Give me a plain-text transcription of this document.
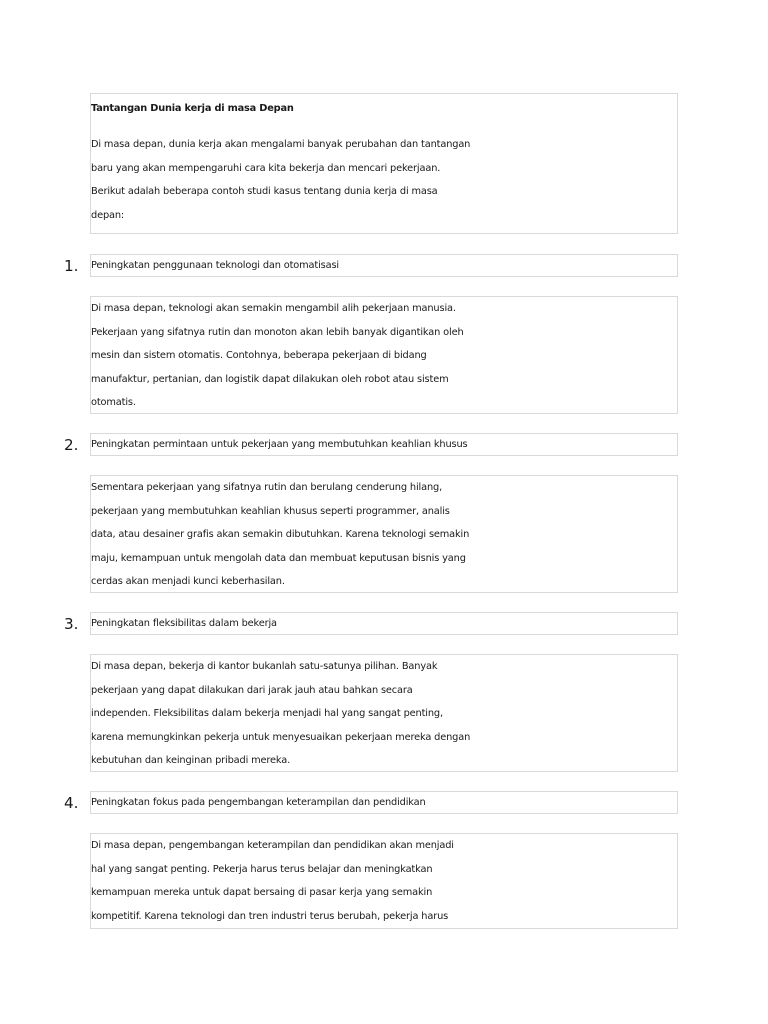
Tantangan Dunia kerja di masa Depan
Di masa depan, dunia kerja akan mengalami banyak perubahan dan tantangan
baru yang akan mempengaruhi cara kita bekerja dan mencari pekerjaan.
Berikut adalah beberapa contoh studi kasus tentang dunia kerja di masa
depan:
1. Peningkatan penggunaan teknologi dan otomatisasi
Di masa depan, teknologi akan semakin mengambil alih pekerjaan manusia.
Pekerjaan yang sifatnya rutin dan monoton akan lebih banyak digantikan oleh
mesin dan sistem otomatis. Contohnya, beberapa pekerjaan di bidang
manufaktur, pertanian, dan logistik dapat dilakukan oleh robot atau sistem
otomatis.
2. Peningkatan permintaan untuk pekerjaan yang membutuhkan keahlian khusus
Sementara pekerjaan yang sifatnya rutin dan berulang cenderung hilang,
pekerjaan yang membutuhkan keahlian khusus seperti programmer, analis
data, atau desainer grafis akan semakin dibutuhkan. Karena teknologi semakin
maju, kemampuan untuk mengolah data dan membuat keputusan bisnis yang
cerdas akan menjadi kunci keberhasilan.
3. Peningkatan fleksibilitas dalam bekerja
Di masa depan, bekerja di kantor bukanlah satu-satunya pilihan. Banyak
pekerjaan yang dapat dilakukan dari jarak jauh atau bahkan secara
independen. Fleksibilitas dalam bekerja menjadi hal yang sangat penting,
karena memungkinkan pekerja untuk menyesuaikan pekerjaan mereka dengan
kebutuhan dan keinginan pribadi mereka.
4. Peningkatan fokus pada pengembangan keterampilan dan pendidikan
Di masa depan, pengembangan keterampilan dan pendidikan akan menjadi
hal yang sangat penting. Pekerja harus terus belajar dan meningkatkan
kemampuan mereka untuk dapat bersaing di pasar kerja yang semakin
kompetitif. Karena teknologi dan tren industri terus berubah, pekerja harus
